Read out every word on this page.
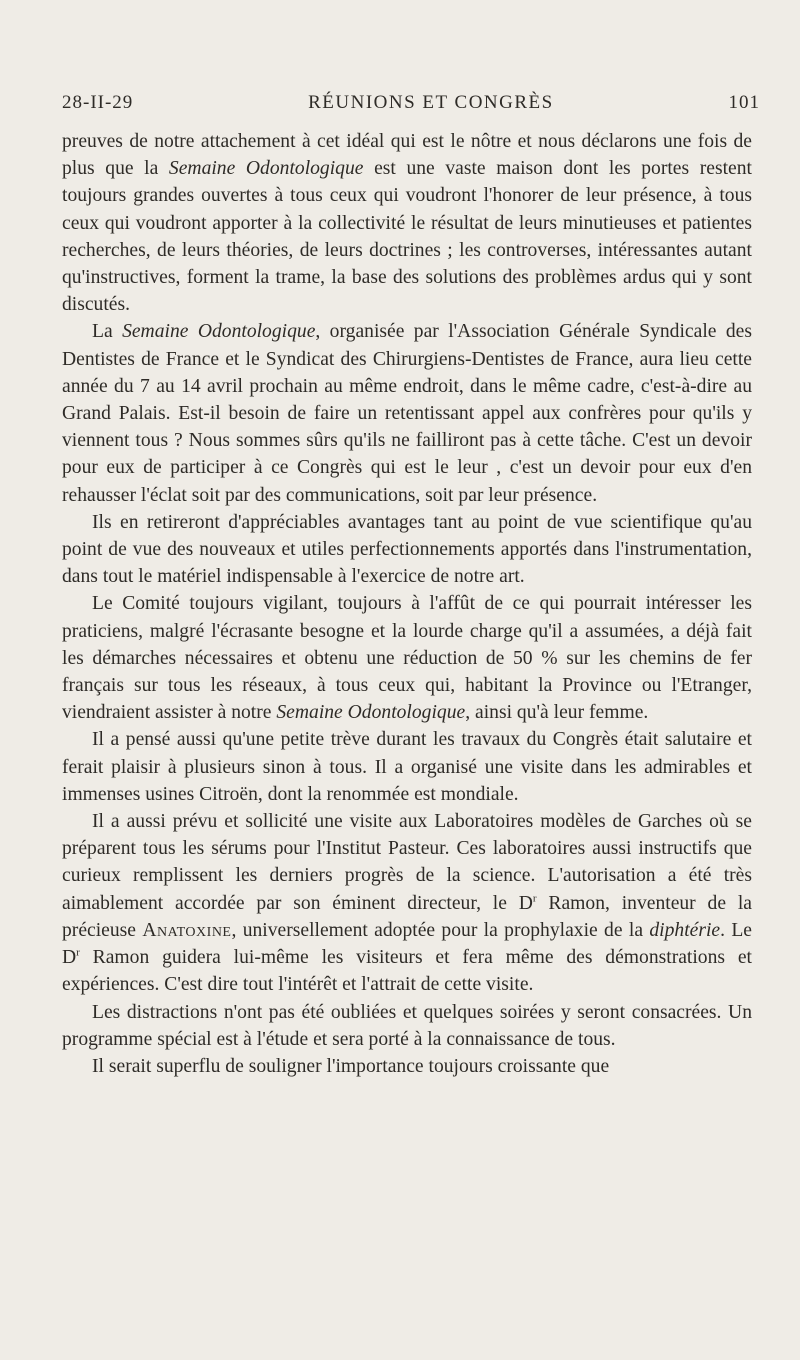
28-II-29	RÉUNIONS ET CONGRÈS	101

preuves de notre attachement à cet idéal qui est le nôtre et nous déclarons une fois de plus que la Semaine Odontologique est une vaste maison dont les portes restent toujours grandes ouvertes à tous ceux qui voudront l'honorer de leur présence, à tous ceux qui voudront apporter à la collectivité le résultat de leurs minutieuses et patientes recherches, de leurs théories, de leurs doctrines ; les controverses, intéressantes autant qu'instructives, forment la trame, la base des solutions des problèmes ardus qui y sont discutés.

La Semaine Odontologique, organisée par l'Association Générale Syndicale des Dentistes de France et le Syndicat des Chirurgiens-Dentistes de France, aura lieu cette année du 7 au 14 avril prochain au même endroit, dans le même cadre, c'est-à-dire au Grand Palais. Est-il besoin de faire un retentissant appel aux confrères pour qu'ils y viennent tous ? Nous sommes sûrs qu'ils ne failliront pas à cette tâche. C'est un devoir pour eux de participer à ce Congrès qui est le leur , c'est un devoir pour eux d'en rehausser l'éclat soit par des communications, soit par leur présence.

Ils en retireront d'appréciables avantages tant au point de vue scientifique qu'au point de vue des nouveaux et utiles perfectionnements apportés dans l'instrumentation, dans tout le matériel indispensable à l'exercice de notre art.

Le Comité toujours vigilant, toujours à l'affût de ce qui pourrait intéresser les praticiens, malgré l'écrasante besogne et la lourde charge qu'il a assumées, a déjà fait les démarches nécessaires et obtenu une réduction de 50 % sur les chemins de fer français sur tous les réseaux, à tous ceux qui, habitant la Province ou l'Etranger, viendraient assister à notre Semaine Odontologique, ainsi qu'à leur femme.

Il a pensé aussi qu'une petite trève durant les travaux du Congrès était salutaire et ferait plaisir à plusieurs sinon à tous. Il a organisé une visite dans les admirables et immenses usines Citroën, dont la renommée est mondiale.

Il a aussi prévu et sollicité une visite aux Laboratoires modèles de Garches où se préparent tous les sérums pour l'Institut Pasteur. Ces laboratoires aussi instructifs que curieux remplissent les derniers progrès de la science. L'autorisation a été très aimablement accordée par son éminent directeur, le $D^r$ Ramon, inventeur de la précieuse Anatoxine, universellement adoptée pour la prophylaxie de la diphtérie. Le $D^r$ Ramon guidera lui-même les visiteurs et fera même des démonstrations et expériences. C'est dire tout l'intérêt et l'attrait de cette visite.

Les distractions n'ont pas été oubliées et quelques soirées y seront consacrées. Un programme spécial est à l'étude et sera porté à la connaissance de tous.

Il serait superflu de souligner l'importance toujours croissante que
